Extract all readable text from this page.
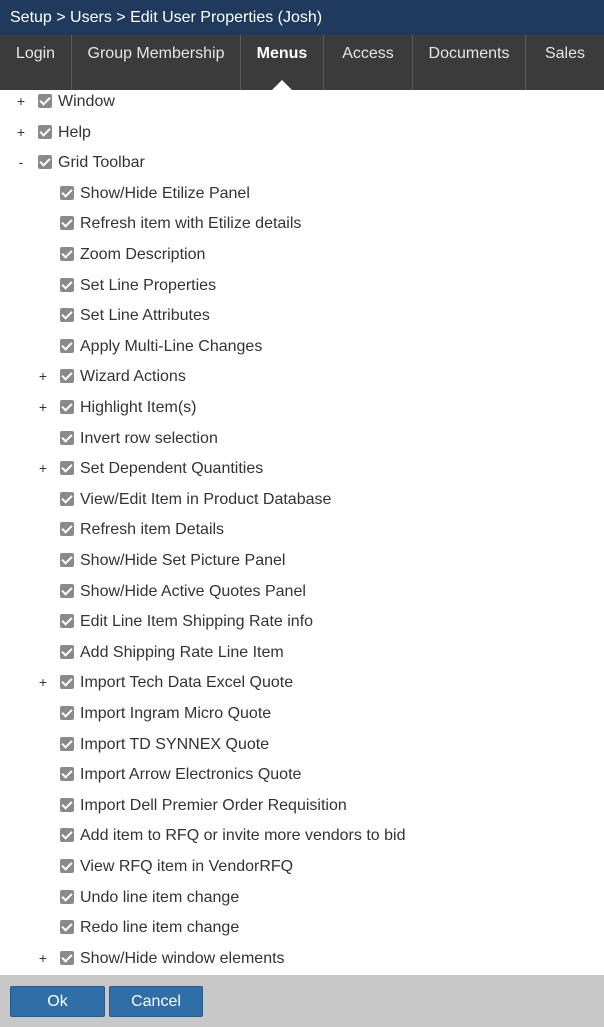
Setup > Users > Edit User Properties (Josh)
Login	Group Membership	Menus	Access	Documents	Sales
+ Window
+ Help
- Grid Toolbar
Show/Hide Etilize Panel
Refresh item with Etilize details
Zoom Description
Set Line Properties
Set Line Attributes
Apply Multi-Line Changes
+ Wizard Actions
+ Highlight Item(s)
Invert row selection
+ Set Dependent Quantities
View/Edit Item in Product Database
Refresh item Details
Show/Hide Set Picture Panel
Show/Hide Active Quotes Panel
Edit Line Item Shipping Rate info
Add Shipping Rate Line Item
+ Import Tech Data Excel Quote
Import Ingram Micro Quote
Import TD SYNNEX Quote
Import Arrow Electronics Quote
Import Dell Premier Order Requisition
Add item to RFQ or invite more vendors to bid
View RFQ item in VendorRFQ
Undo line item change
Redo line item change
+ Show/Hide window elements
Ok	Cancel
